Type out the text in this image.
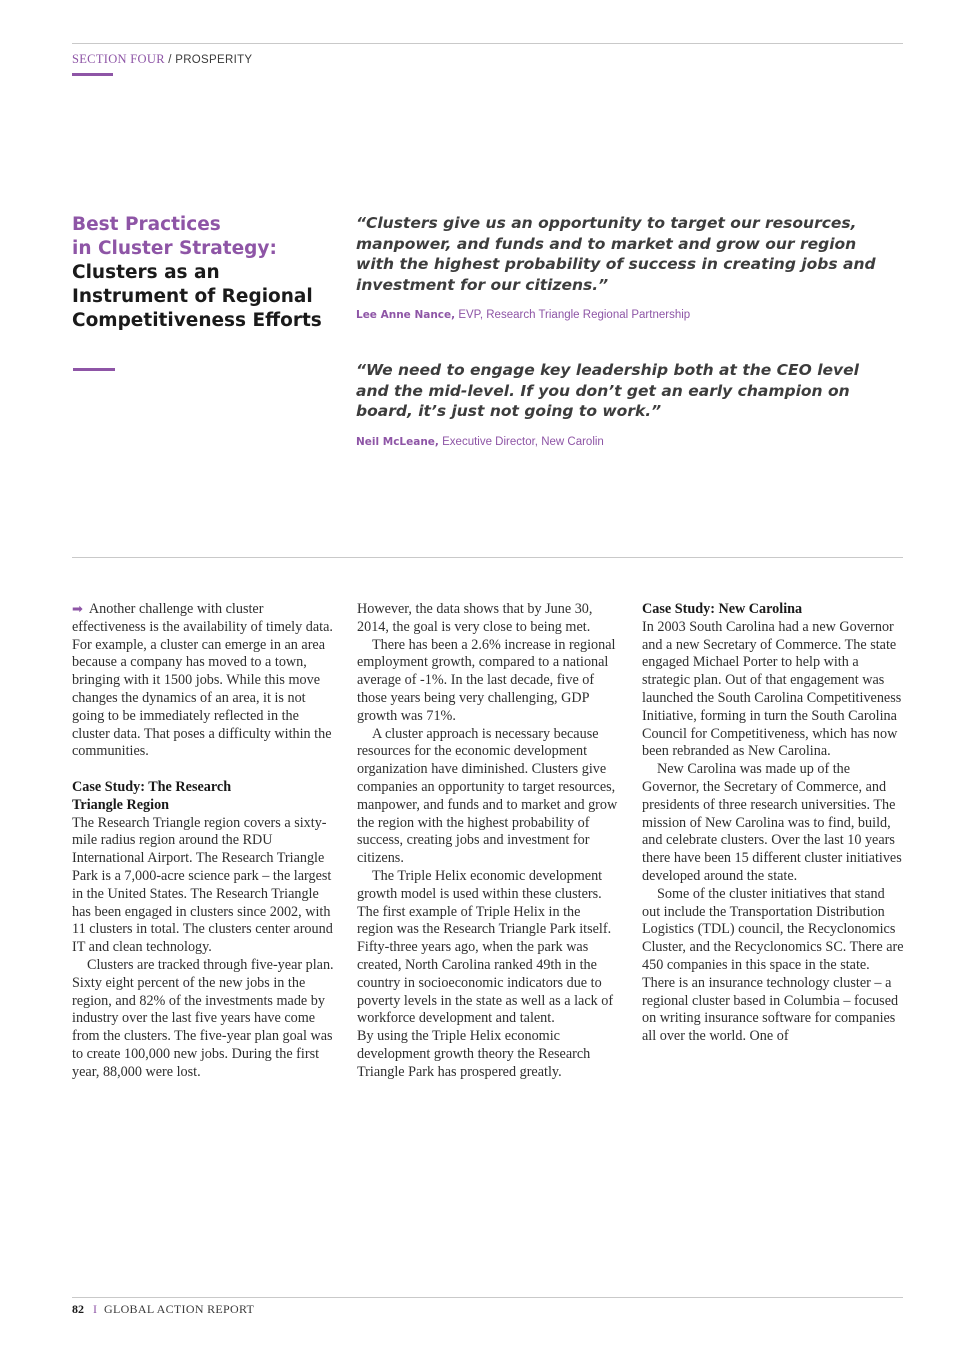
SECTION FOUR / PROSPERITY
Best Practices
in Cluster Strategy:
Clusters as an
Instrument of Regional
Competitiveness Efforts
“Clusters give us an opportunity to target our resources, manpower, and funds and to market and grow our region with the highest probability of success in creating jobs and investment for our citizens.”
Lee Anne Nance, EVP, Research Triangle Regional Partnership
“We need to engage key leadership both at the CEO level and the mid-level. If you don’t get an early champion on board, it’s just not going to work.”
Neil McLeane, Executive Director, New Carolin

➡ Another challenge with cluster effectiveness is the availability of timely data. For example, a cluster can emerge in an area because a company has moved to a town, bringing with it 1500 jobs. While this move changes the dynamics of an area, it is not going to be immediately reflected in the cluster data. That poses a difficulty within the communities.

Case Study: The Research Triangle Region

The Research Triangle region covers a sixty-mile radius region around the RDU International Airport. The Research Triangle Park is a 7,000-acre science park – the largest in the United States. The Research Triangle has been engaged in clusters since 2002, with 11 clusters in total. The clusters center around IT and clean technology.

Clusters are tracked through five-year plan. Sixty eight percent of the new jobs in the region, and 82% of the investments made by industry over the last five years have come from the clusters. The five-year plan goal was to create 100,000 new jobs. During the first year, 88,000 were lost.

However, the data shows that by June 30, 2014, the goal is very close to being met.

There has been a 2.6% increase in regional employment growth, compared to a national average of -1%. In the last decade, five of those years being very challenging, GDP growth was 71%.

A cluster approach is necessary because resources for the economic development organization have diminished. Clusters give companies an opportunity to target resources, manpower, and funds and to market and grow the region with the highest probability of success, creating jobs and investment for citizens.

The Triple Helix economic development growth model is used within these clusters. The first example of Triple Helix in the region was the Research Triangle Park itself. Fifty-three years ago, when the park was created, North Carolina ranked 49th in the country in socioeconomic indicators due to poverty levels in the state as well as a lack of workforce development and talent.

By using the Triple Helix economic development growth theory the Research Triangle Park has prospered greatly.

Case Study: New Carolina

In 2003 South Carolina had a new Governor and a new Secretary of Commerce. The state engaged Michael Porter to help with a strategic plan. Out of that engagement was launched the South Carolina Competitiveness Initiative, forming in turn the South Carolina Council for Competitiveness, which has now been rebranded as New Carolina.

New Carolina was made up of the Governor, the Secretary of Commerce, and presidents of three research universities. The mission of New Carolina was to find, build, and celebrate clusters. Over the last 10 years there have been 15 different cluster initiatives developed around the state.

Some of the cluster initiatives that stand out include the Transportation Distribution Logistics (TDL) council, the Recyclonomics Cluster, and the Recyclonomics SC. There are 450 companies in this space in the state. There is an insurance technology cluster – a regional cluster based in Columbia – focused on writing insurance software for companies all over the world. One of

82 I GLOBAL ACTION REPORT
